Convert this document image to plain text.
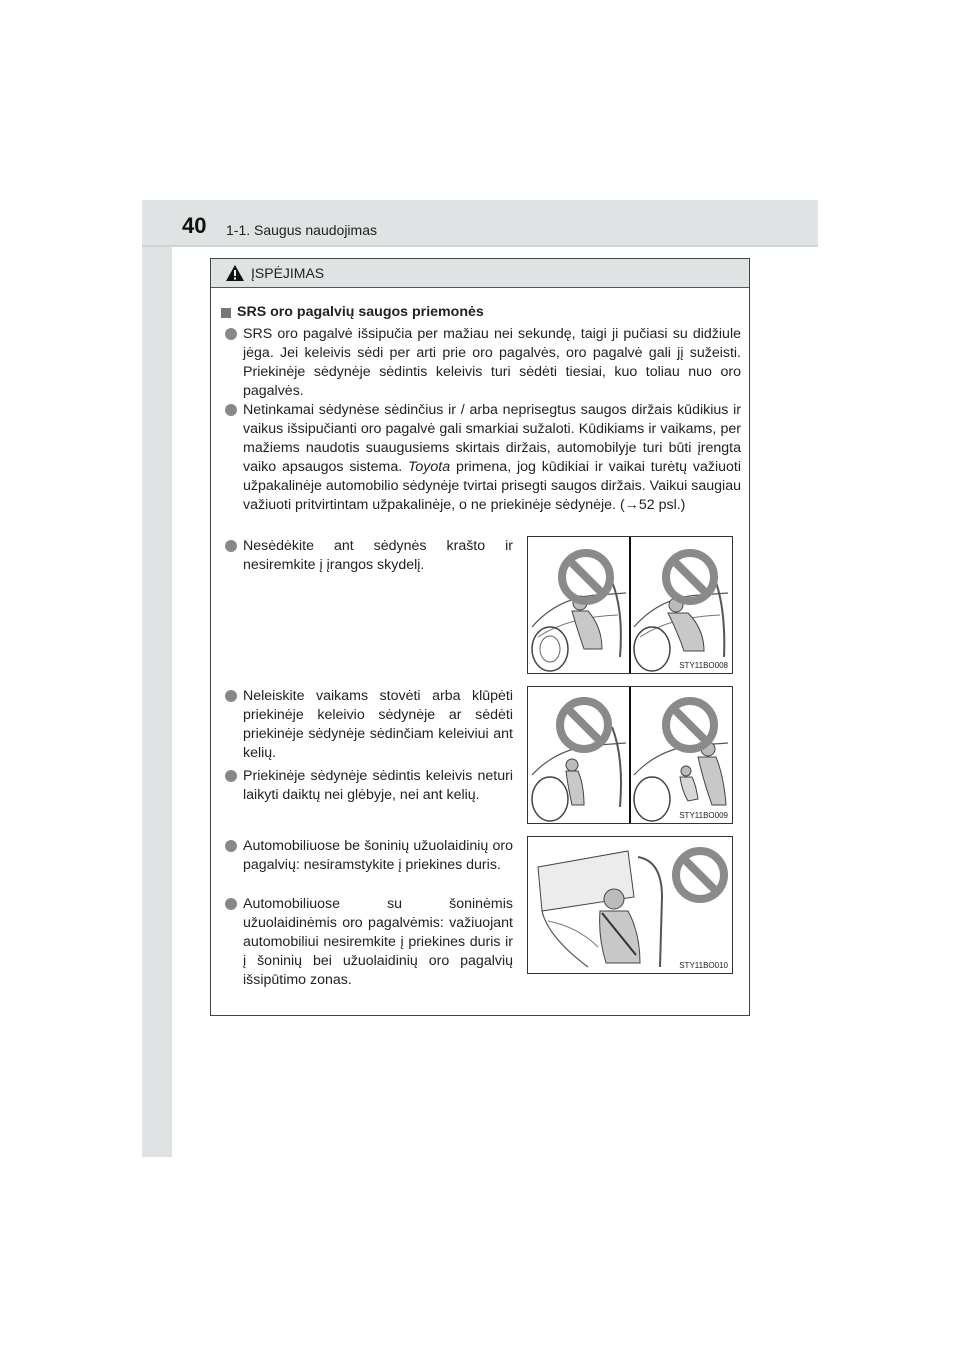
40 1-1. Saugus naudojimas
ĮSPĖJIMAS
SRS oro pagalvių saugos priemonės
SRS oro pagalvė išsipučia per mažiau nei sekundę, taigi ji pučiasi su didžiule jėga. Jei keleivis sėdi per arti prie oro pagalvės, oro pagalvė gali jį sužeisti. Priekinėje sėdynėje sėdintis keleivis turi sėdėti tiesiai, kuo toliau nuo oro pagalvės.
Netinkamai sėdynėse sėdinčius ir / arba neprisegtus saugos diržais kūdikius ir vaikus išsipučianti oro pagalvė gali smarkiai sužaloti. Kūdikiams ir vaikams, per mažiems naudotis suaugusiems skirtais diržais, automobilyje turi būti įrengta vaiko apsaugos sistema. Toyota primena, jog kūdikiai ir vaikai turėtų važiuoti užpakalinėje automobilio sėdynėje tvirtai prisegti saugos diržais. Vaikui saugiau važiuoti pritvirtintam užpakalinėje, o ne priekinėje sėdynėje. (→52 psl.)
Nesėdėkite ant sėdynės krašto ir nesiremkite į įrangos skydelį.
Neleiskite vaikams stovėti arba klūpėti priekinėje keleivio sėdynėje ar sėdėti priekinėje sėdynėje sėdinčiam keleiviui ant kelių.
Priekinėje sėdynėje sėdintis keleivis neturi laikyti daiktų nei glėbyje, nei ant kelių.
Automobiliuose be šoninių užuolaidinių oro pagalvių: nesiramstykite į priekines duris.
Automobiliuose su šoninėmis užuolaidinėmis oro pagalvėmis: važiuojant automobiliui nesiremkite į priekines duris ir į šoninių bei užuolaidinių oro pagalvių išsipūtimo zonas.
STY11BO008
STY11BO009
STY11BO010
